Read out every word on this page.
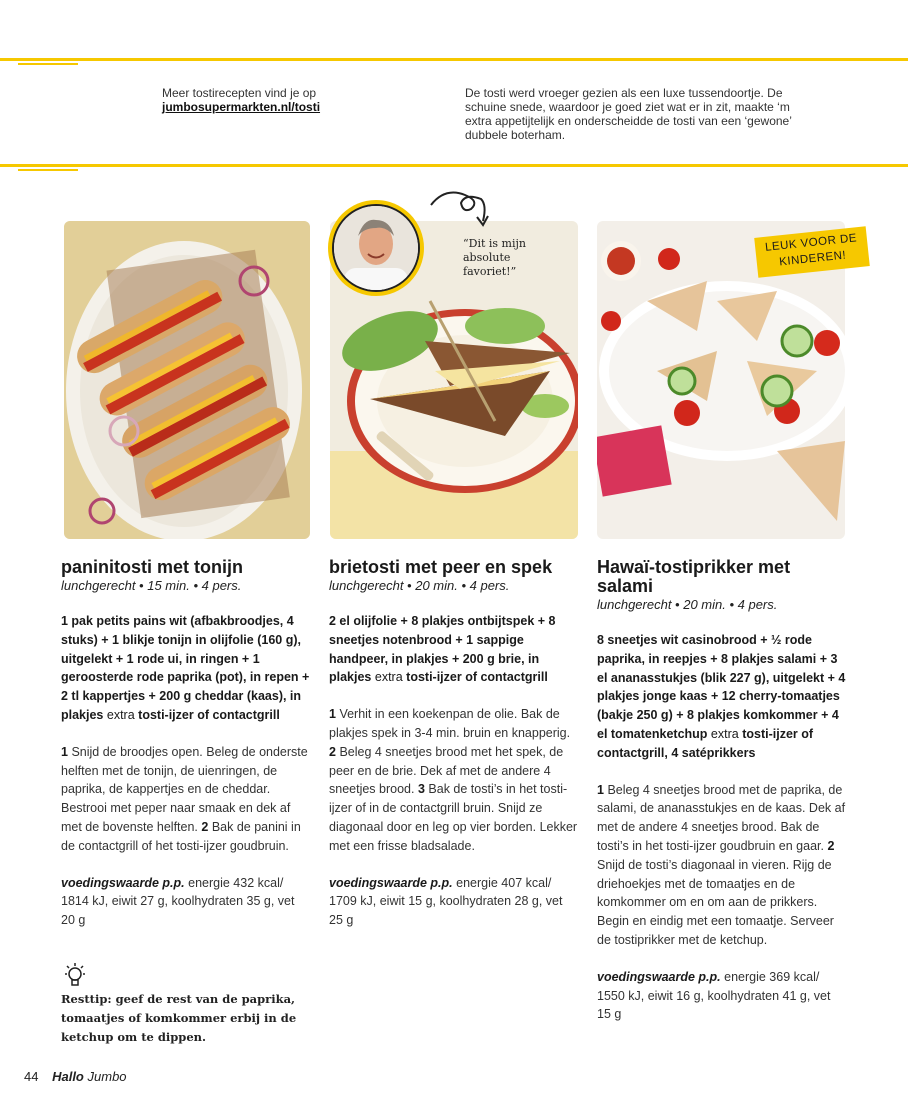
Meer tostirecepten vind je op
jumbosupermarkten.nl/tosti
De tosti werd vroeger gezien als een luxe tussendoortje. De schuine snede, waardoor je goed ziet wat er in zit, maakte ‘m extra appetijtelijk en onderscheidde de tosti van een ‘gewone’ dubbele boterham.
“Dit is mijn absolute favoriet!”
LEUK VOOR DE KINDEREN!
paninitosti met tonijn
lunchgerecht • 15 min. • 4 pers.
1 pak petits pains wit (afbakbroodjes, 4 stuks) + 1 blikje tonijn in olijfolie (160 g), uitgelekt + 1 rode ui, in ringen + 1 geroosterde rode paprika (pot), in repen + 2 tl kappertjes + 200 g cheddar (kaas), in plakjes extra tosti-ijzer of contactgrill
1 Snijd de broodjes open. Beleg de onderste helften met de tonijn, de uienringen, de paprika, de kappertjes en de cheddar. Bestrooi met peper naar smaak en dek af met de bovenste helften. 2 Bak de panini in de contactgrill of het tosti-ijzer goudbruin.
voedingswaarde p.p. energie 432 kcal/ 1814 kJ, eiwit 27 g, koolhydraten 35 g, vet 20 g
brietosti met peer en spek
lunchgerecht • 20 min. • 4 pers.
2 el olijfolie + 8 plakjes ontbijtspek + 8 sneetjes notenbrood + 1 sappige handpeer, in plakjes + 200 g brie, in plakjes extra tosti-ijzer of contactgrill
1 Verhit in een koekenpan de olie. Bak de plakjes spek in 3-4 min. bruin en knapperig. 2 Beleg 4 sneetjes brood met het spek, de peer en de brie. Dek af met de andere 4 sneetjes brood. 3 Bak de tosti’s in het tosti-ijzer of in de contactgrill bruin. Snijd ze diagonaal door en leg op vier borden. Lekker met een frisse bladsalade.
voedingswaarde p.p. energie 407 kcal/ 1709 kJ, eiwit 15 g, koolhydraten 28 g, vet 25 g
Hawaï-tostiprikker met salami
lunchgerecht • 20 min. • 4 pers.
8 sneetjes wit casinobrood + ½ rode paprika, in reepjes + 8 plakjes salami + 3 el ananasstukjes (blik 227 g), uitgelekt + 4 plakjes jonge kaas + 12 cherry-tomaatjes (bakje 250 g) + 8 plakjes komkommer + 4 el tomatenketchup extra tosti-ijzer of contactgrill, 4 satéprikkers
1 Beleg 4 sneetjes brood met de paprika, de salami, de ananasstukjes en de kaas. Dek af met de andere 4 sneetjes brood. Bak de tosti’s in het tosti-ijzer goudbruin en gaar. 2 Snijd de tosti’s diagonaal in vieren. Rijg de driehoekjes met de tomaatjes en de komkommer om en om aan de prikkers. Begin en eindig met een tomaatje. Serveer de tostiprikker met de ketchup.
voedingswaarde p.p. energie 369 kcal/ 1550 kJ, eiwit 16 g, koolhydraten 41 g, vet 15 g
Resttip: geef de rest van de paprika, tomaatjes of komkommer erbij in de ketchup om te dippen.
44 Hallo Jumbo
